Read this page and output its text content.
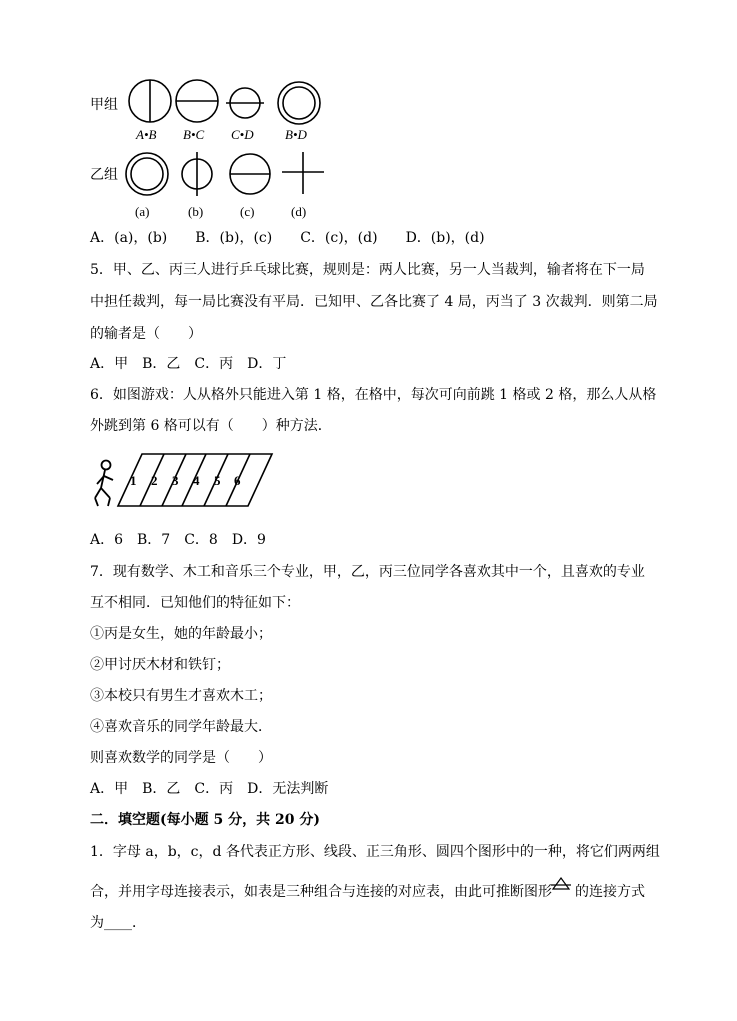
甲组
A•B B•C C•D B•D
乙组
(a)	(b)	(c)	(d)
A．(a)，(b)　　B．(b)，(c)　　C．(c)，(d)　　D．(b)，(d)
5．甲、乙、丙三人进行乒乓球比赛，规则是：两人比赛，另一人当裁判，输者将在下一局
中担任裁判，每一局比赛没有平局．已知甲、乙各比赛了 4 局，丙当了 3 次裁判．则第二局
的输者是（　　）
A．甲　B．乙　C．丙　D．丁
6．如图游戏：人从格外只能进入第 1 格，在格中，每次可向前跳 1 格或 2 格，那么人从格
外跳到第 6 格可以有（　　）种方法．
1 2 3 4 5 6
A．6　B．7　C．8　D．9
7．现有数学、木工和音乐三个专业，甲，乙，丙三位同学各喜欢其中一个，且喜欢的专业
互不相同．已知他们的特征如下：
①丙是女生，她的年龄最小；
②甲讨厌木材和铁钉；
③本校只有男生才喜欢木工；
④喜欢音乐的同学年龄最大．
则喜欢数学的同学是（　　）
A．甲　B．乙　C．丙　D．无法判断
二．填空题(每小题 5 分，共 20 分)
1．字母 a，b，c，d 各代表正方形、线段、正三角形、圆四个图形中的一种，将它们两两组
合，并用字母连接表示，如表是三种组合与连接的对应表，由此可推断图形 的连接方式
为____．
